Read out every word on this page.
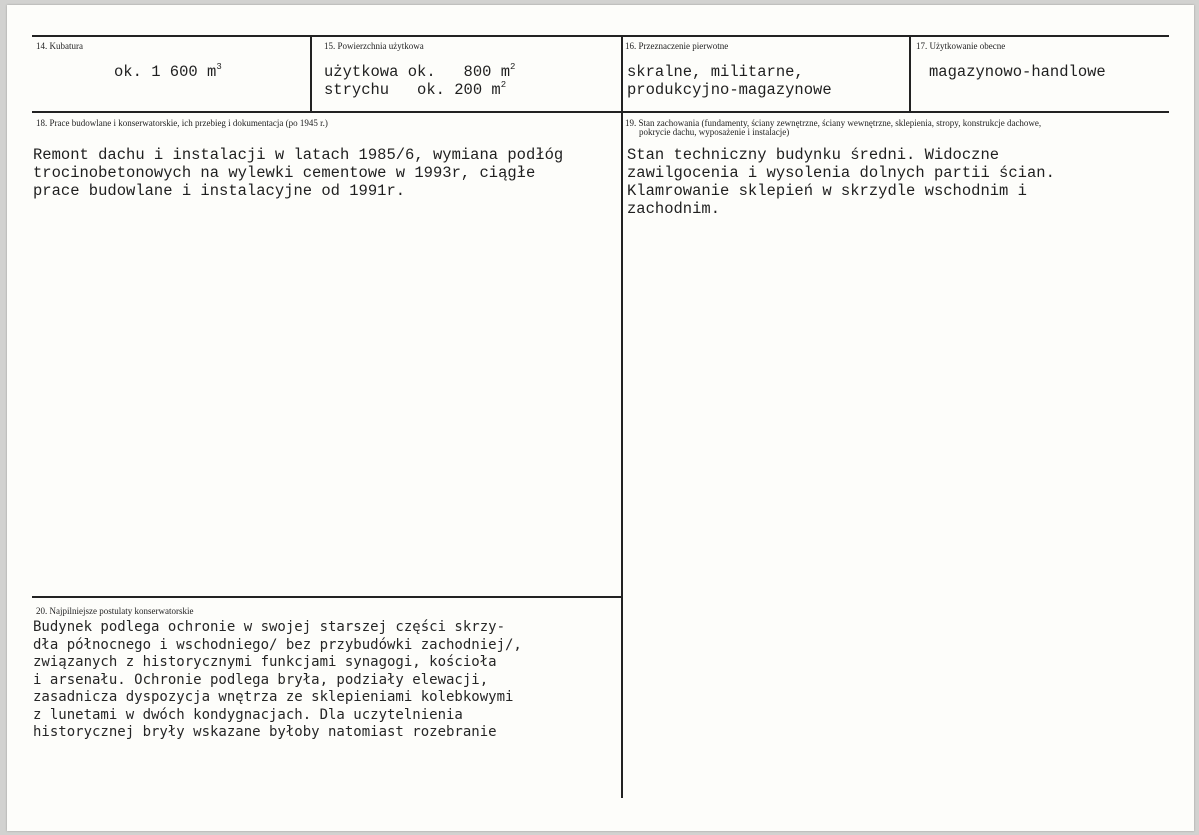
14. Kubatura
ok. 1 600 $m^3$
15. Powierzchnia użytkowa
użytkowa ok.   800 $m^2$
strychu   ok. 200 $m^2$
16. Przeznaczenie pierwotne
skralne, militarne,
produkcyjno-magazynowe
17. Użytkowanie obecne
magazynowo-handlowe
18. Prace budowlane i konserwatorskie, ich przebieg i dokumentacja (po 1945 r.)
Remont dachu i instalacji w latach 1985/6, wymiana podłóg
trocinobetonowych na wylewki cementowe w 1993r, ciągłe
prace budowlane i instalacyjne od 1991r.
19. Stan zachowania (fundamenty, ściany zewnętrzne, ściany wewnętrzne, sklepienia, stropy, konstrukcje dachowe,
pokrycie dachu, wyposażenie i instalacje)
Stan techniczny budynku średni. Widoczne
zawilgocenia i wysolenia dolnych partii ścian.
Klamrowanie sklepień w skrzydle wschodnim i
zachodnim.
20. Najpilniejsze postulaty konserwatorskie
Budynek podlega ochronie w swojej starszej części skrzy-
dła północnego i wschodniego/ bez przybudówki zachodniej/,
związanych z historycznymi funkcjami synagogi, kościoła
i arsenału. Ochronie podlega bryła, podziały elewacji,
zasadnicza dyspozycja wnętrza ze sklepieniami kolebkowymi
z lunetami w dwóch kondygnacjach. Dla uczytelnienia
historycznej bryły wskazane byłoby natomiast rozebranie
